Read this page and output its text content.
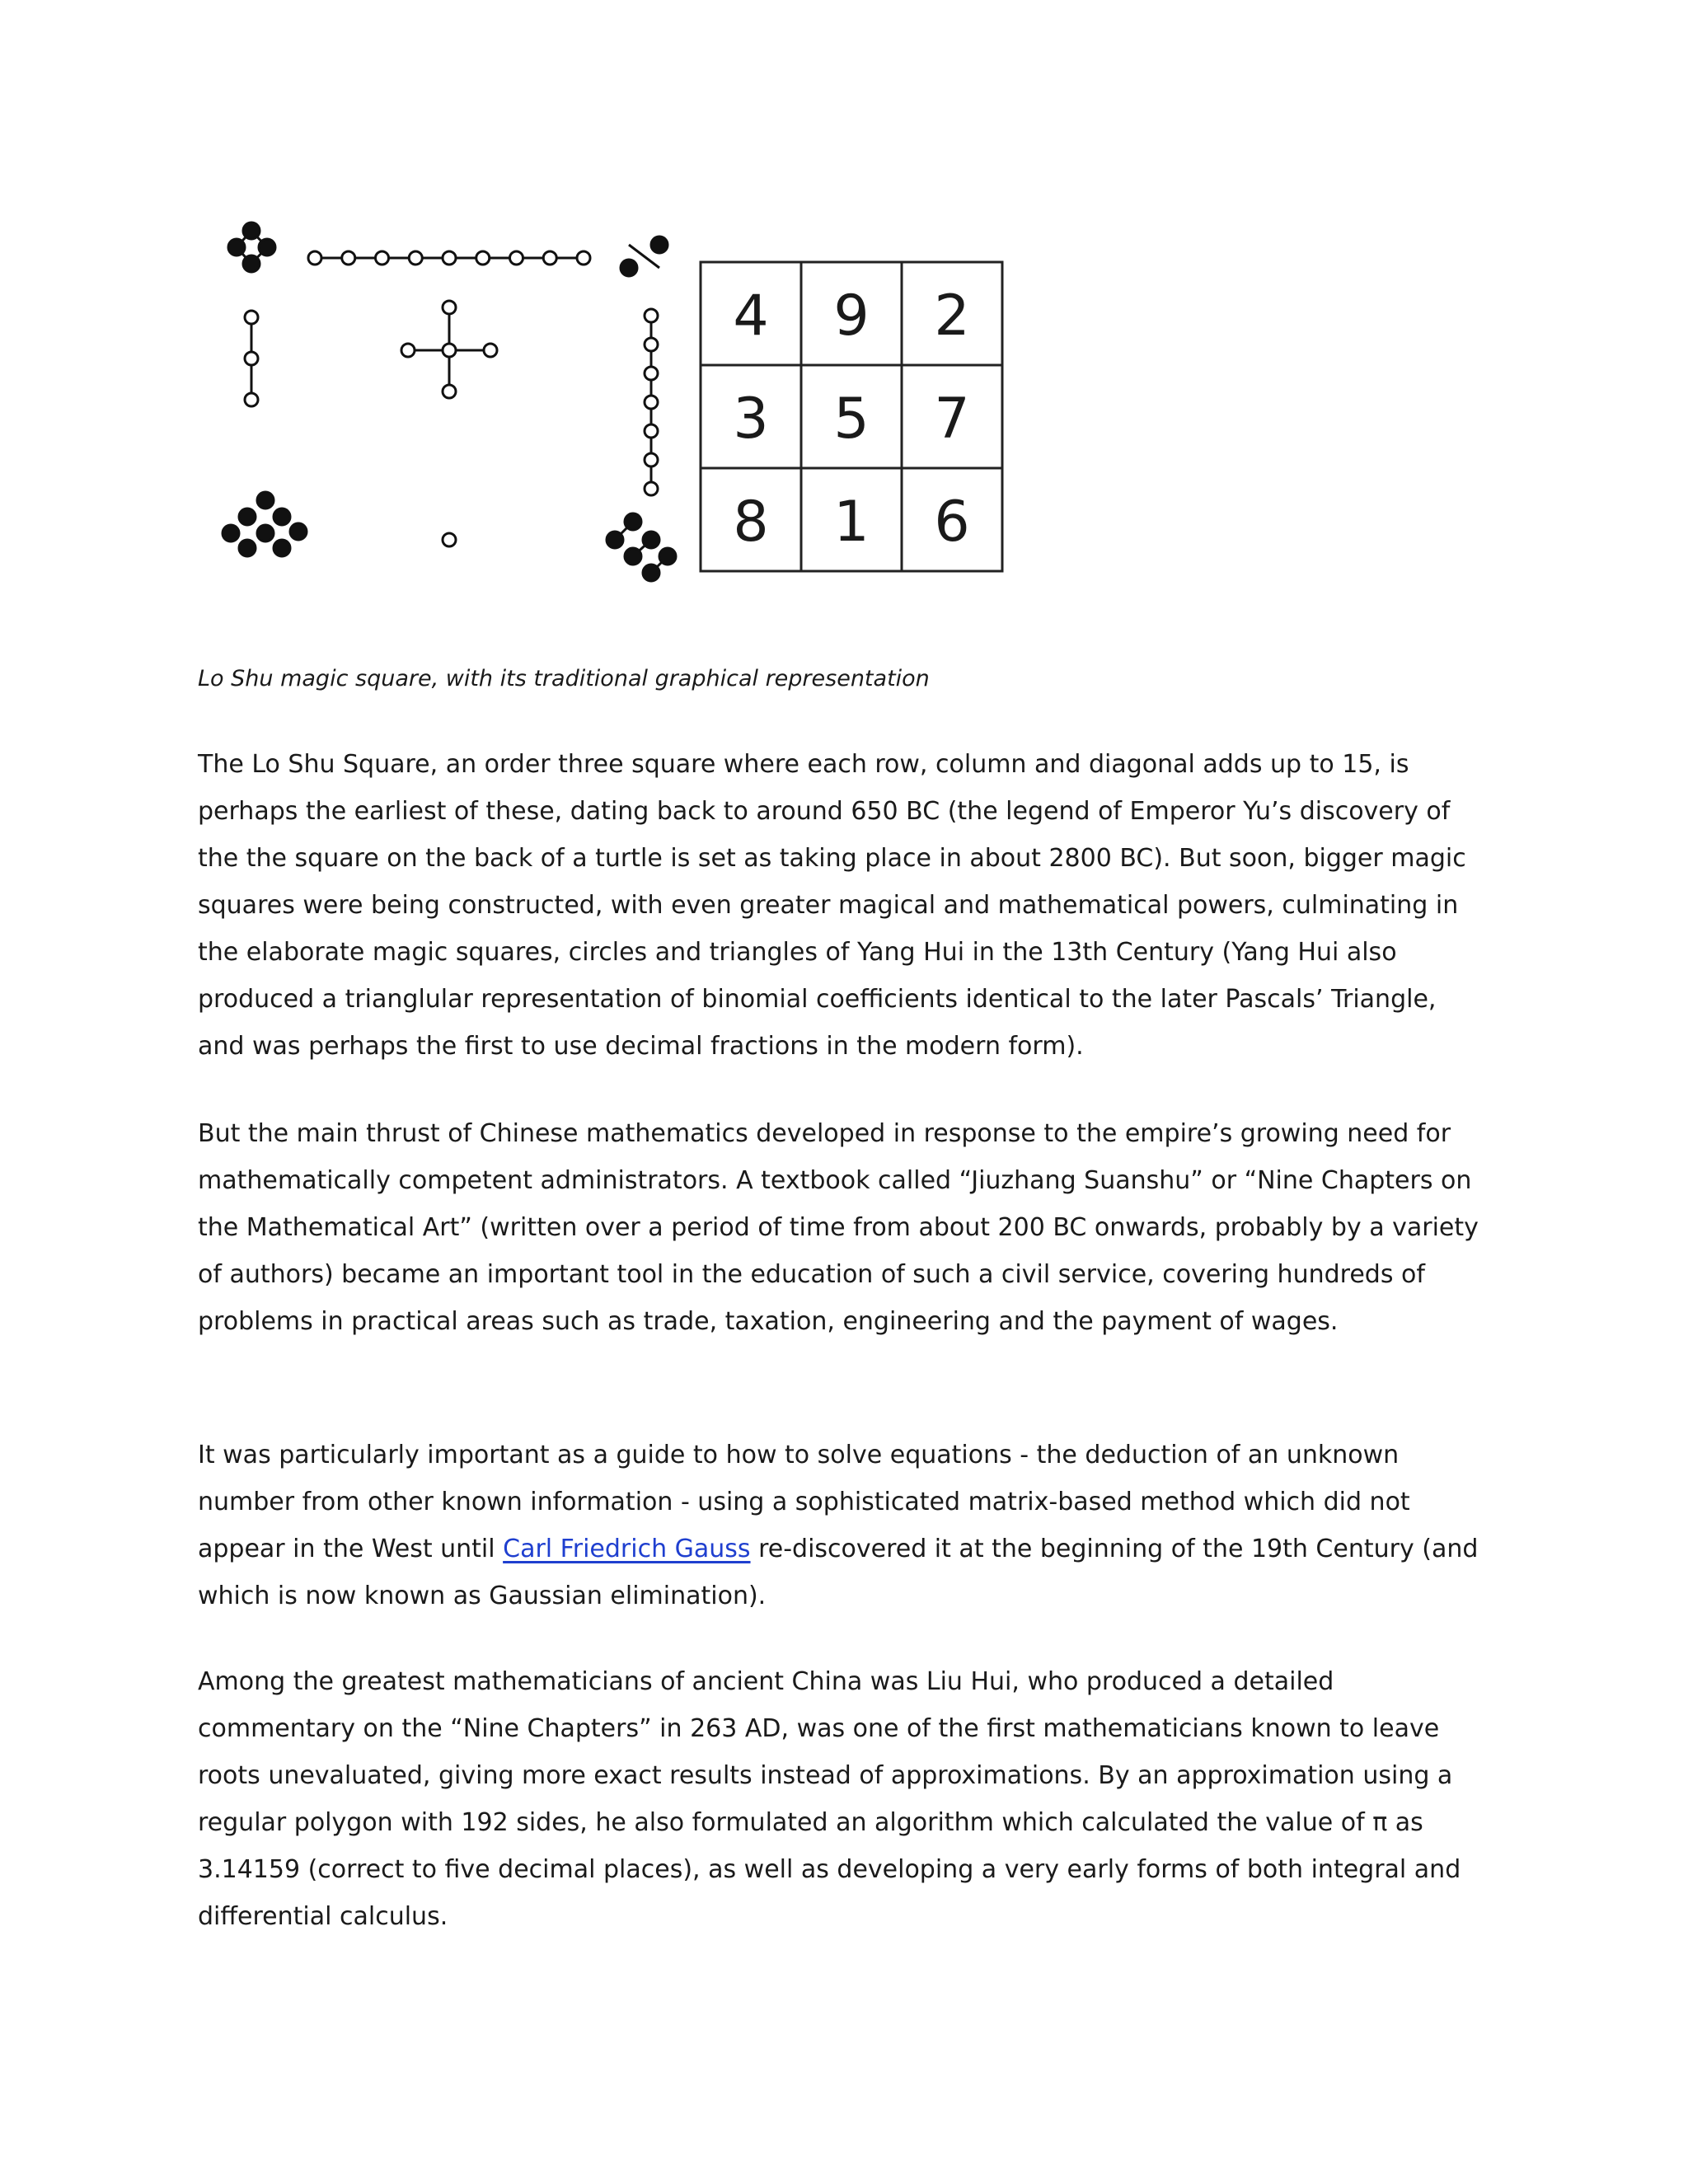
4 9 2
3 5 7
8 1 6

Lo Shu magic square, with its traditional graphical representation

The Lo Shu Square, an order three square where each row, column and diagonal adds up to 15, is perhaps the earliest of these, dating back to around 650 BC (the legend of Emperor Yu’s discovery of the the square on the back of a turtle is set as taking place in about 2800 BC). But soon, bigger magic squares were being constructed, with even greater magical and mathematical powers, culminating in the elaborate magic squares, circles and triangles of Yang Hui in the 13th Century (Yang Hui also produced a trianglular representation of binomial coefficients identical to the later Pascals’ Triangle, and was perhaps the first to use decimal fractions in the modern form).

But the main thrust of Chinese mathematics developed in response to the empire’s growing need for mathematically competent administrators. A textbook called “Jiuzhang Suanshu” or “Nine Chapters on the Mathematical Art” (written over a period of time from about 200 BC onwards, probably by a variety of authors) became an important tool in the education of such a civil service, covering hundreds of problems in practical areas such as trade, taxation, engineering and the payment of wages.

It was particularly important as a guide to how to solve equations - the deduction of an unknown number from other known information - using a sophisticated matrix-based method which did not appear in the West until Carl Friedrich Gauss re-discovered it at the beginning of the 19th Century (and which is now known as Gaussian elimination).

Among the greatest mathematicians of ancient China was Liu Hui, who produced a detailed commentary on the “Nine Chapters” in 263 AD, was one of the first mathematicians known to leave roots unevaluated, giving more exact results instead of approximations. By an approximation using a regular polygon with 192 sides, he also formulated an algorithm which calculated the value of π as 3.14159 (correct to five decimal places), as well as developing a very early forms of both integral and differential calculus.
